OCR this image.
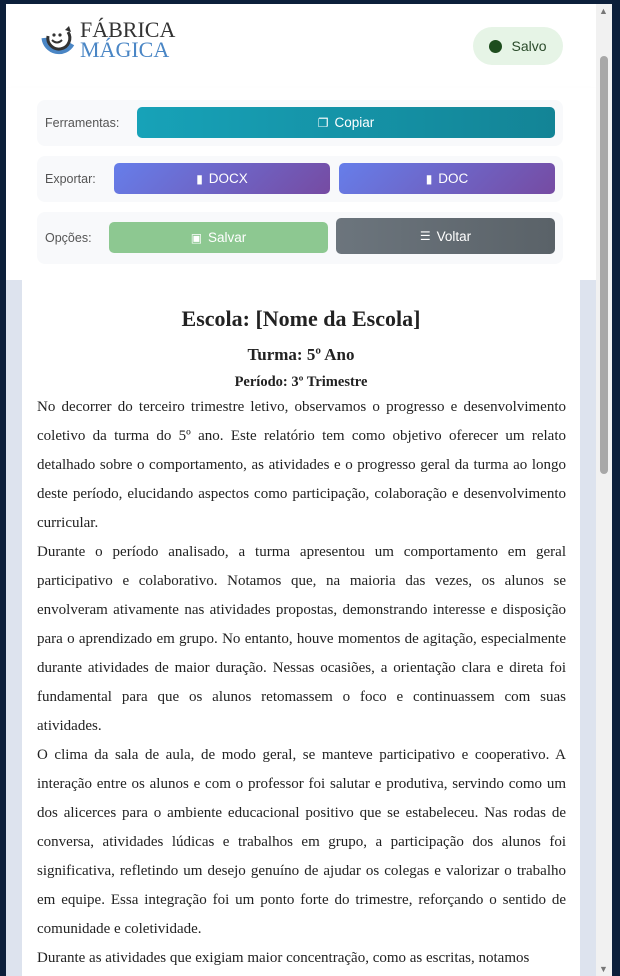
FÁBRICA
MÁGICA	Salvo
Ferramentas:	❐ Copiar
Exportar:	▮ DOCX	▮ DOC
Opções:	▣ Salvar	☰ Voltar
Escola: [Nome da Escola]
Turma: 5º Ano
Período: 3º Trimestre

No decorrer do terceiro trimestre letivo, observamos o progresso e desenvolvimento coletivo da turma do 5º ano. Este relatório tem como objetivo oferecer um relato detalhado sobre o comportamento, as atividades e o progresso geral da turma ao longo deste período, elucidando aspectos como participação, colaboração e desenvolvimento curricular.

Durante o período analisado, a turma apresentou um comportamento em geral participativo e colaborativo. Notamos que, na maioria das vezes, os alunos se envolveram ativamente nas atividades propostas, demonstrando interesse e disposição para o aprendizado em grupo. No entanto, houve momentos de agitação, especialmente durante atividades de maior duração. Nessas ocasiões, a orientação clara e direta foi fundamental para que os alunos retomassem o foco e continuassem com suas atividades.

O clima da sala de aula, de modo geral, se manteve participativo e cooperativo. A interação entre os alunos e com o professor foi salutar e produtiva, servindo como um dos alicerces para o ambiente educacional positivo que se estabeleceu. Nas rodas de conversa, atividades lúdicas e trabalhos em grupo, a participação dos alunos foi significativa, refletindo um desejo genuíno de ajudar os colegas e valorizar o trabalho em equipe. Essa integração foi um ponto forte do trimestre, reforçando o sentido de comunidade e coletividade.

Durante as atividades que exigiam maior concentração, como as escritas, notamos

▲
▼
